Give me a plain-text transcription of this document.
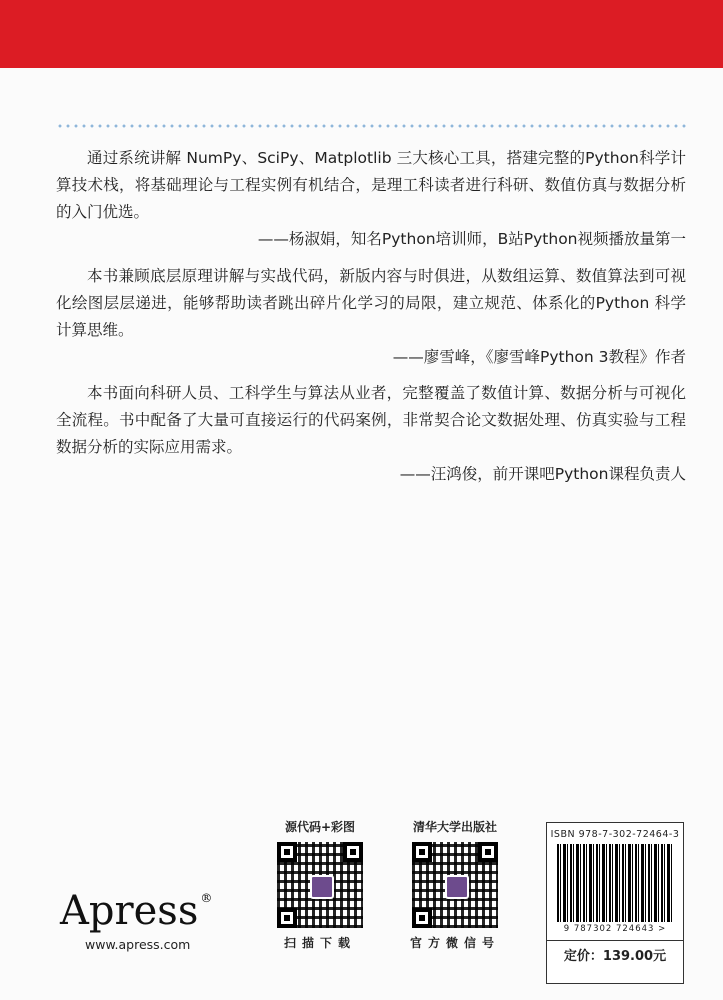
通过系统讲解 NumPy、SciPy、Matplotlib 三大核心工具，搭建完整的Python科学计算技术栈，将基础理论与工程实例有机结合，是理工科读者进行科研、数值仿真与数据分析的入门优选。

——杨淑娟，知名Python培训师，B站Python视频播放量第一

本书兼顾底层原理讲解与实战代码，新版内容与时俱进，从数组运算、数值算法到可视化绘图层层递进，能够帮助读者跳出碎片化学习的局限，建立规范、体系化的Python 科学计算思维。

——廖雪峰，《廖雪峰Python 3教程》作者

本书面向科研人员、工科学生与算法从业者，完整覆盖了数值计算、数据分析与可视化全流程。书中配备了大量可直接运行的代码案例，非常契合论文数据处理、仿真实验与工程数据分析的实际应用需求。

——汪鸿俊，前开课吧Python课程负责人

Apress ®
www.apress.com
源代码+彩图
扫描下载
清华大学出版社
官方微信号
ISBN 978-7-302-72464-3
9 787302 724643 >
定价：139.00元
